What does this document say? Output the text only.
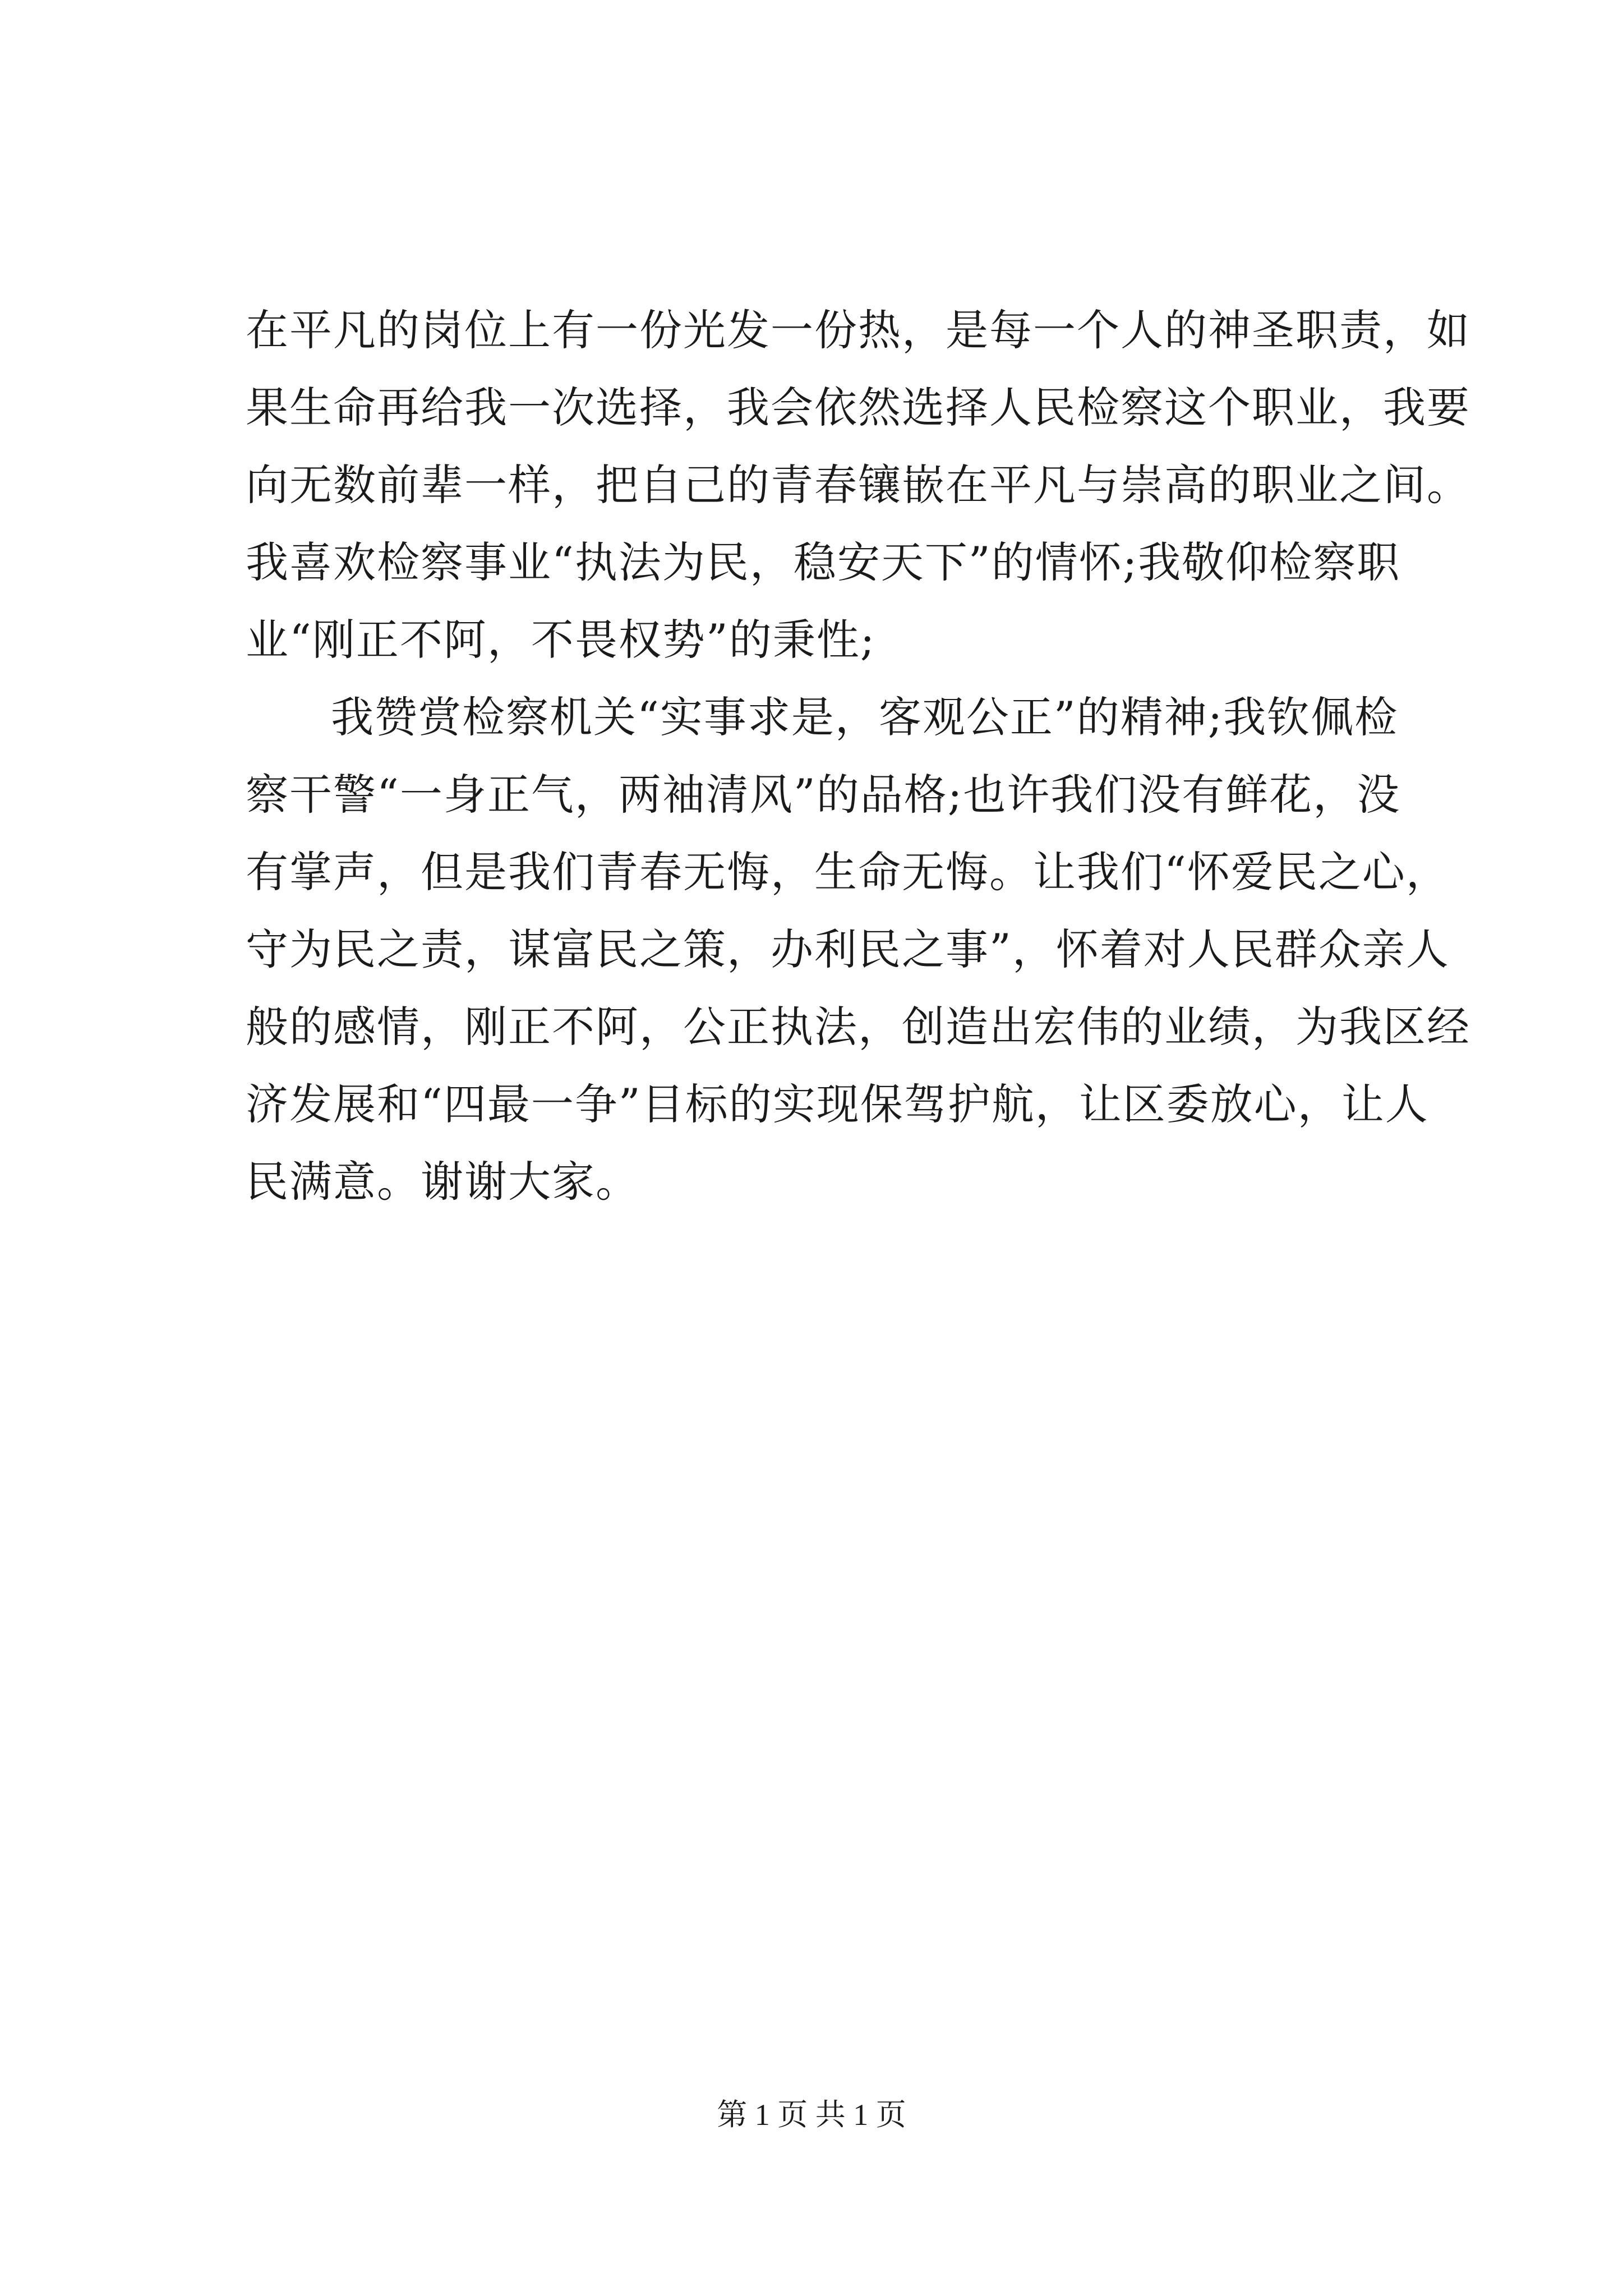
在平凡的岗位上有一份光发一份热，是每一个人的神圣职责，如
果生命再给我一次选择，我会依然选择人民检察这个职业，我要
向无数前辈一样，把自己的青春镶嵌在平凡与崇高的职业之间。
我喜欢检察事业“执法为民，稳安天下”的情怀;我敬仰检察职
业“刚正不阿，不畏权势”的秉性;
我赞赏检察机关“实事求是，客观公正”的精神;我钦佩检
察干警“一身正气，两袖清风”的品格;也许我们没有鲜花，没
有掌声，但是我们青春无悔，生命无悔。让我们“怀爱民之心，
守为民之责，谋富民之策，办利民之事”，怀着对人民群众亲人
般的感情，刚正不阿，公正执法，创造出宏伟的业绩，为我区经
济发展和“四最一争”目标的实现保驾护航，让区委放心，让人
民满意。谢谢大家。
第 1 页 共 1 页
